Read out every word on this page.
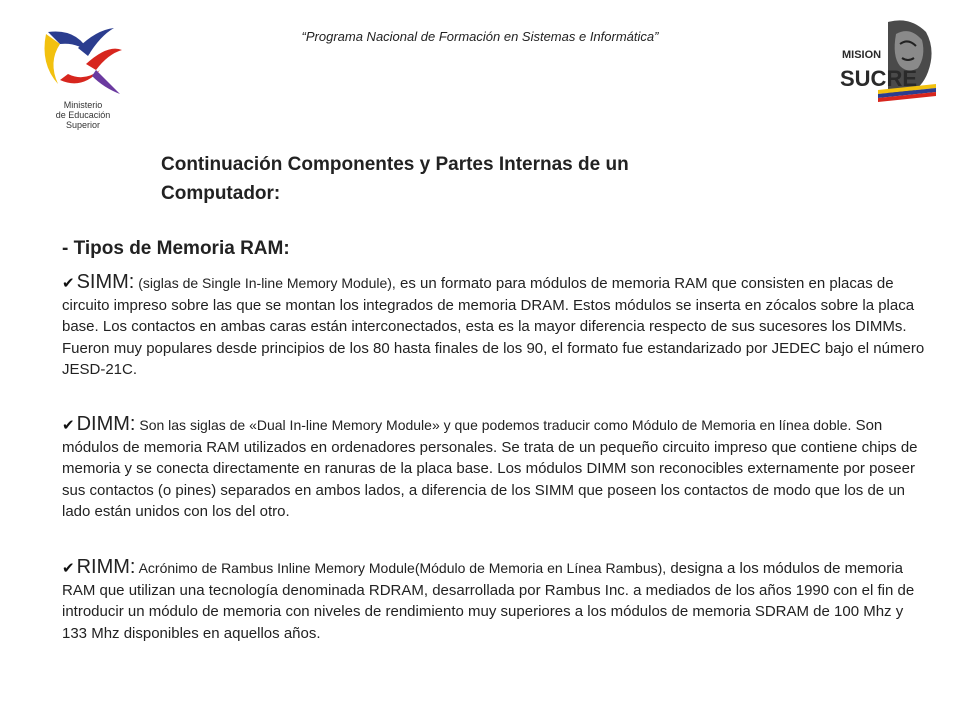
“Programa Nacional de Formación en Sistemas e Informática”
Ministerio
de Educación Superior
MISION
SUCRE
Continuación Componentes y Partes Internas de un Computador:
- Tipos de Memoria RAM:
✔ SIMM: (siglas de Single In-line Memory Module), es un formato para módulos de memoria RAM que consisten en placas de circuito impreso sobre las que se montan los integrados de memoria DRAM. Estos módulos se inserta en zócalos sobre la placa base. Los contactos en ambas caras están interconectados, esta es la mayor diferencia respecto de sus sucesores los DIMMs. Fueron muy populares desde principios de los 80 hasta finales de los 90, el formato fue estandarizado por JEDEC bajo el número JESD-21C.
✔ DIMM: Son las siglas de «Dual In-line Memory Module» y que podemos traducir como Módulo de Memoria en línea doble. Son módulos de memoria RAM utilizados en ordenadores personales. Se trata de un pequeño circuito impreso que contiene chips de memoria y se conecta directamente en ranuras de la placa base. Los módulos DIMM son reconocibles externamente por poseer sus contactos (o pines) separados en ambos lados, a diferencia de los SIMM que poseen los contactos de modo que los de un lado están unidos con los del otro.
✔ RIMM: Acrónimo de Rambus Inline Memory Module(Módulo de Memoria en Línea Rambus), designa a los módulos de memoria RAM que utilizan una tecnología denominada RDRAM, desarrollada por Rambus Inc. a mediados de los años 1990 con el fin de introducir un módulo de memoria con niveles de rendimiento muy superiores a los módulos de memoria SDRAM de 100 Mhz y 133 Mhz disponibles en aquellos años.
